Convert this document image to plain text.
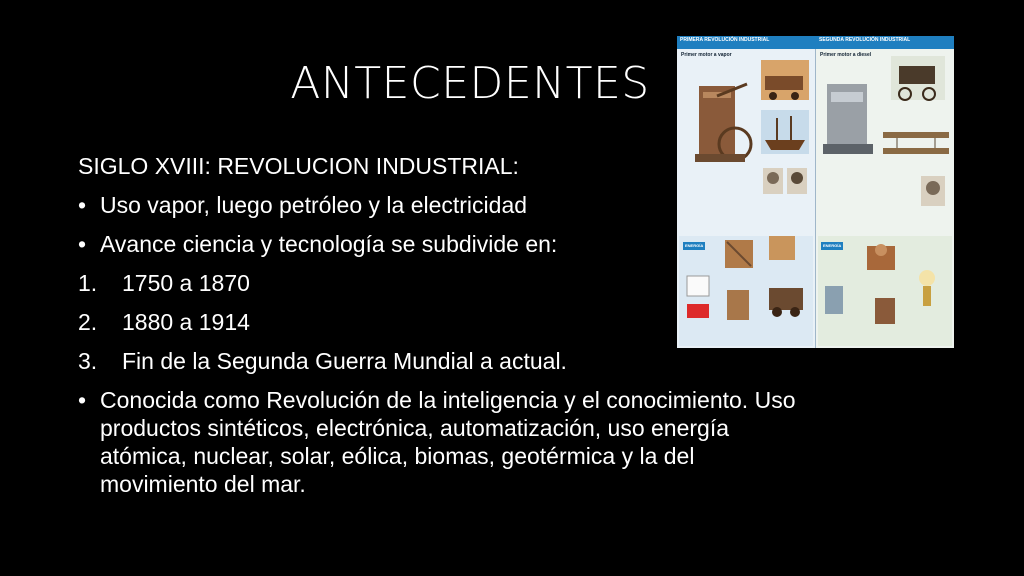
ANTECEDENTES
PRIMERA REVOLUCIÓN INDUSTRIAL	SEGUNDA REVOLUCIÓN INDUSTRIAL
Primer motor a vapor	Primer motor a diesel
ENERGÍA	ENERGÍA
SIGLO XVIII: REVOLUCION INDUSTRIAL:
• Uso vapor, luego petróleo y la electricidad
• Avance ciencia y tecnología se subdivide en:
1. 1750 a 1870
2. 1880 a 1914
3. Fin de la Segunda Guerra Mundial a actual.
• Conocida como Revolución de la inteligencia y el conocimiento. Uso
productos sintéticos, electrónica, automatización, uso energía
atómica, nuclear, solar, eólica, biomas, geotérmica y la del
movimiento del mar.
